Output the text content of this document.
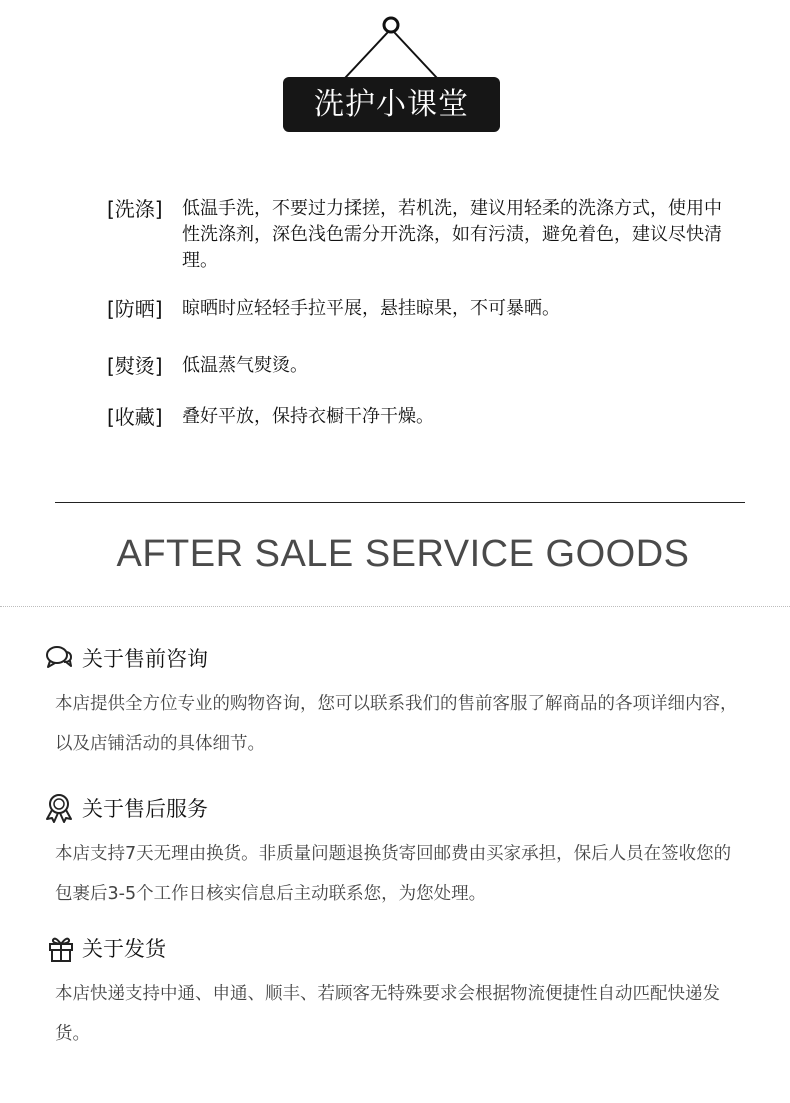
洗护小课堂
[洗涤]	低温手洗，不要过力揉搓，若机洗，建议用轻柔的洗涤方式，使用中性洗涤剂，深色浅色需分开洗涤，如有污渍，避免着色，建议尽快清理。
[防晒]	晾晒时应轻轻手拉平展，悬挂晾果，不可暴晒。
[熨烫]	低温蒸气熨烫。
[收藏]	叠好平放，保持衣橱干净干燥。
AFTER SALE SERVICE GOODS
关于售前咨询
本店提供全方位专业的购物咨询，您可以联系我们的售前客服了解商品的各项详细内容，以及店铺活动的具体细节。
关于售后服务
本店支持7天无理由换货。非质量问题退换货寄回邮费由买家承担，保后人员在签收您的包裹后3-5个工作日核实信息后主动联系您，为您处理。
关于发货
本店快递支持中通、申通、顺丰、若顾客无特殊要求会根据物流便捷性自动匹配快递发货。
